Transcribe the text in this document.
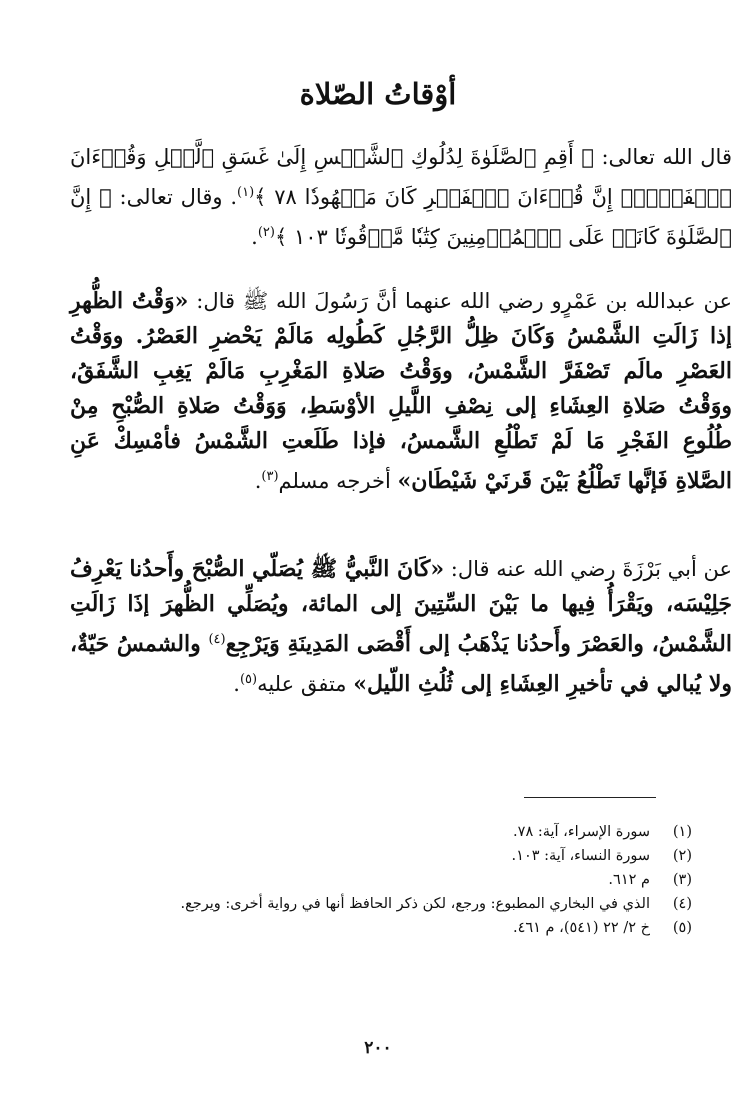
أوْقاتُ الصّلاة

قال الله تعالى: ﴿ أَقِمِ ٱلصَّلَوٰةَ لِدُلُوكِ ٱلشَّمۡسِ إِلَىٰ غَسَقِ ٱلَّيۡلِ وَقُرۡءَانَ ٱلۡفَجۡرِۖ إِنَّ قُرۡءَانَ ٱلۡفَجۡرِ كَانَ مَشۡهُودٗا ٧٨ ﴾$^{(١)}$. وقال تعالى: ﴿ إِنَّ ٱلصَّلَوٰةَ كَانَتۡ عَلَى ٱلۡمُؤۡمِنِينَ كِتَٰبٗا مَّوۡقُوتٗا ١٠٣ ﴾$^{(٢)}$.

عن عبدالله بن عَمْرٍو رضي الله عنهما أنَّ رَسُولَ الله ﷺ قال: «وَقْتُ الظُّهرِ إذا زَالَتِ الشَّمْسُ وَكَانَ ظِلُّ الرَّجُلِ كَطُولِه مَالَمْ يَحْضرِ العَصْرُ. ووَقْتُ العَصْرِ مالَم تَصْفَرَّ الشَّمْسُ، ووَقْتُ صَلاةِ المَغْرِبِ مَالَمْ يَغِبِ الشَّفَقُ، ووَقْتُ صَلاةِ العِشَاءِ إلى نِصْفِ اللَّيلِ الأوْسَطِ، وَوَقْتُ صَلاةِ الصُّبْحِ مِنْ طُلُوعِ الفَجْرِ مَا لَمْ تَطْلُعِ الشَّمسُ، فإذا طَلَعتِ الشَّمْسُ فأمْسِكْ عَنِ الصَّلاةِ فَإنَّها تَطْلُعُ بَيْنَ قَرنَيْ شَيْطَان» أخرجه مسلم$^{(٣)}$.

عن أبي بَرْزَةَ رضي الله عنه قال: «كَانَ النَّبيُّ ﷺ يُصَلّي الصُّبْحَ وأَحدُنا يَعْرِفُ جَلِيْسَه، ويَقْرَأُ فِيها ما بَيْنَ السِّتِينَ إلى المائة، ويُصَلِّي الظُّهرَ إذَا زَالَتِ الشَّمْسُ، والعَصْرَ وأَحدُنا يَذْهَبُ إلى أَقْصَى المَدِينَةِ وَيَرْجِع$^{(٤)}$ والشمسُ حَيّةٌ، ولا يُبالي في تأخيرِ العِشَاءِ إلى ثُلُثِ اللّيل» متفق عليه$^{(٥)}$.

(١)
سورة الإسراء، آية: ٧٨.
(٢)
سورة النساء، آية: ١٠٣.
(٣)
م ٦١٢.
(٤)
الذي في البخاري المطبوع: ورجع، لكن ذكر الحافظ أنها في رواية أخرى: ويرجع.
(٥)
خ ٢/ ٢٢ (٥٤١)، م ٤٦١.
٢٠٠
